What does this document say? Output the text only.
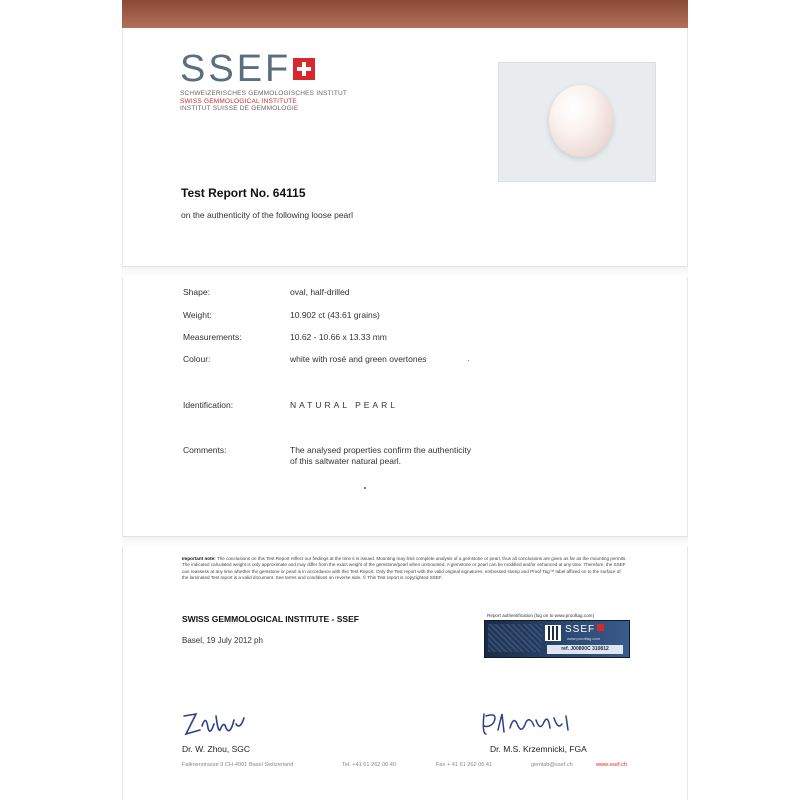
SSEF
SCHWEIZERISCHES GEMMOLOGISCHES INSTITUT
SWISS GEMMOLOGICAL INSTITUTE
INSTITUT SUISSE DE GEMMOLOGIE
Test Report No. 64115
on the authenticity of the following loose pearl
Shape:	oval, half-drilled
Weight:	10.902 ct (43.61 grains)
Measurements:	10.62 - 10.66 x 13.33 mm
Colour:	white with rosé and green overtones
Identification:	NATURAL PEARL
Comments:	The analysed properties confirm the authenticity
of this saltwater natural pearl.
Important note: The conclusions on this Test Report reflect our findings at the time it is issued. Mounting may limit complete analysis of a gemstone or pearl, thus all conclusions are given as far as the mounting permits. The indicated calculated weight is only approximate and may differ from the exact weight of the gemstone/pearl when unmounted. A gemstone or pearl can be modified and/or enhanced at any time. Therefore, the SSEF can reassess at any time whether the gemstone or pearl is in accordance with this Test Report. Only the Test report with the valid original signatures, embossed stamp and Proof Tag™ label affixed on to the surface of the laminated Test report is a valid document. See terms and conditions on reverse side. © This Test report is copyrighted SSEF.
SWISS GEMMOLOGICAL INSTITUTE - SSEF
Basel, 19 July 2012 ph
Report authentification (log on to www.prooftag.com)
SSEF
www.prooftag.com
ref. J00800C 310812
Dr. W. Zhou, SGC	Dr. M.S. Krzemnicki, FGA
Falknerstrasse 9 CH-4001 Basel Switzerland	Tel. +41 61 262 06 40	Fax + 41 61 262 06 41	gemlab@ssef.ch	www.ssef.ch
